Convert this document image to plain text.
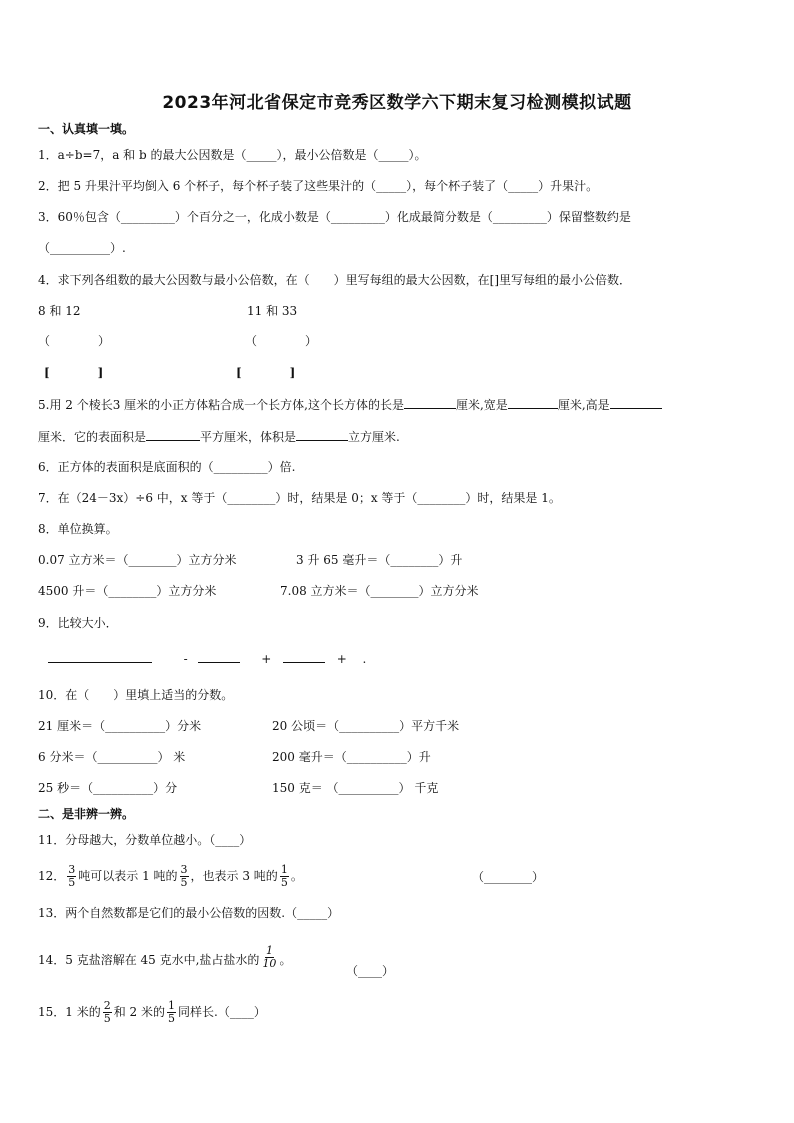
2023年河北省保定市竞秀区数学六下期末复习检测模拟试题
一、认真填一填。
1．a÷b=7，a 和 b 的最大公因数是（_____），最小公倍数是（_____）。
2．把 5 升果汁平均倒入 6 个杯子，每个杯子装了这些果汁的（_____），每个杯子装了（_____）升果汁。
3．60％包含（_________）个百分之一，化成小数是（_________）化成最简分数是（_________）保留整数约是
（__________）.
4．求下列各组数的最大公因数与最小公倍数，在（　　）里写每组的最大公因数，在[]里写每组的最小公倍数．
8 和 12	11 和 33
（　　　　）	（　　　　）
[　　　　]	[　　　　]
5.用 2 个棱长3 厘米的小正方体粘合成一个长方体,这个长方体的长是	厘米,宽是	厘米,高是
厘米．它的表面积是	平方厘米，体积是	立方厘米.
6．正方体的表面积是底面积的（_________）倍.
7．在（24－3x）÷6 中，x 等于（________）时，结果是 0；x 等于（________）时，结果是 1。
8．单位换算。
0.07 立方米＝（________）立方分米	3 升 65 毫升＝（________）升
4500 升＝（________）立方分米	7.08 立方米＝（________）立方分米
9．比较大小．
-	+	+ .
10．在（　　）里填上适当的分数。
21 厘米＝（__________）分米	20 公顷＝（__________）平方千米
6 分米＝（__________） 米	200 毫升＝（__________）升
25 秒＝（__________）分	150 克＝ （__________） 千克
二、是非辨一辨。
11．分母越大，分数单位越小。（____）
12． $\frac{3}{5}$ 吨可以表示 1 吨的 $\frac{3}{5}$ ，也表示 3 吨的 $\frac{1}{5}$ 。	（________）
13．两个自然数都是它们的最小公倍数的因数.（_____）
14．5 克盐溶解在 45 克水中,盐占盐水的 $\frac{1}{10}$ 。
（____）
15．1 米的 $\frac{2}{5}$ 和 2 米的 $\frac{1}{5}$ 同样长.（____）
